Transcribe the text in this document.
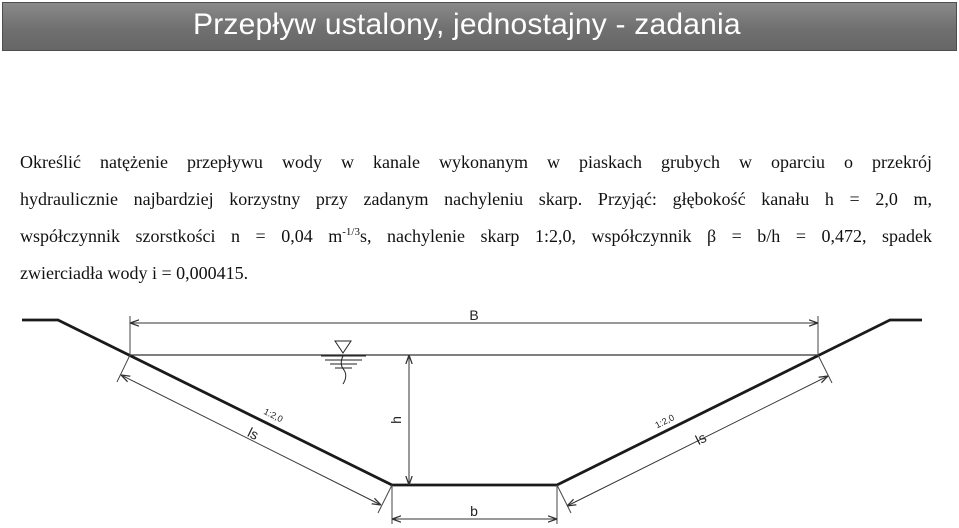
Przepływ ustalony, jednostajny - zadania
Określić natężenie przepływu wody w kanale wykonanym w piaskach grubych w oparciu o przekrój
hydraulicznie najbardziej korzystny przy zadanym nachyleniu skarp. Przyjąć: głębokość kanału h = 2,0 m,
współczynnik szorstkości n = 0,04 $m^{-1/3}s$, nachylenie skarp 1:2,0, współczynnik β = b/h = 0,472, spadek
zwierciadła wody i = 0,000415.
B
h
b
ls
1:2,0
ls
1:2,0
